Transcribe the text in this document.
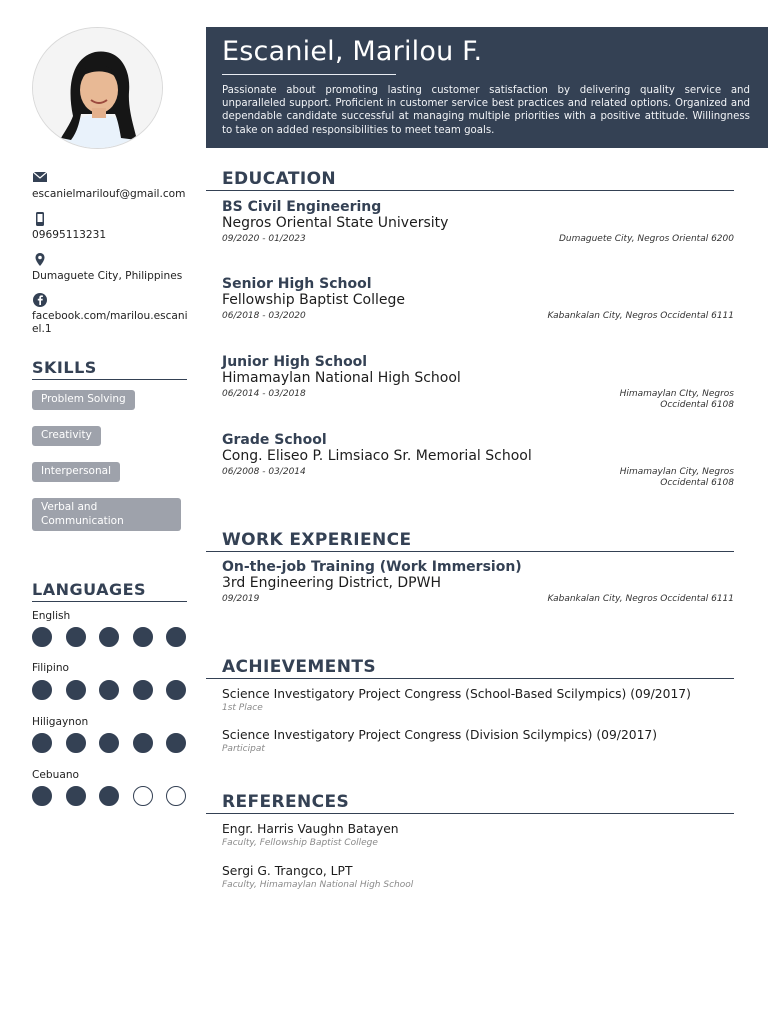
Escaniel, Marilou F.
Passionate about promoting lasting customer satisfaction by delivering quality service and unparalleled support. Proficient in customer service best practices and related options. Organized and dependable candidate successful at managing multiple priorities with a positive attitude. Willingness to take on added responsibilities to meet team goals.
escanielmarilouf@gmail.com
09695113231
Dumaguete City, Philippines
facebook.com/marilou.escaniel.1
SKILLS
Problem Solving
Creativity
Interpersonal
Verbal and Communication
LANGUAGES
English
Filipino
Hiligaynon
Cebuano
EDUCATION
BS Civil Engineering
Negros Oriental State University
09/2020 - 01/2023	Dumaguete City, Negros Oriental 6200
Senior High School
Fellowship Baptist College
06/2018 - 03/2020	Kabankalan City, Negros Occidental 6111
Junior High School
Himamaylan National High School
06/2014 - 03/2018	Himamaylan CIty, Negros Occidental 6108
Grade School
Cong. Eliseo P. Limsiaco Sr. Memorial School
06/2008 - 03/2014	Himamaylan City, Negros Occidental 6108
WORK EXPERIENCE
On-the-job Training (Work Immersion)
3rd Engineering District, DPWH
09/2019	Kabankalan City, Negros Occidental 6111
ACHIEVEMENTS
Science Investigatory Project Congress (School-Based Scilympics) (09/2017)
1st Place
Science Investigatory Project Congress (Division Scilympics) (09/2017)
Participat
REFERENCES
Engr. Harris Vaughn Batayen
Faculty, Fellowship Baptist College
Sergi G. Trangco, LPT
Faculty, Himamaylan National High School
